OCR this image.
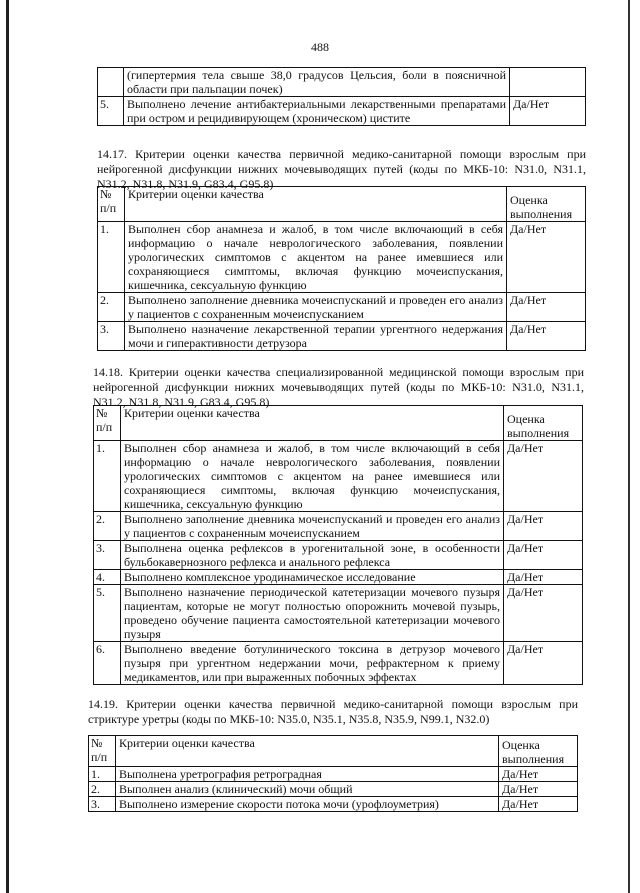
488
	(гипертермия тела свыше 38,0 градусов Цельсия, боли в поясничной области при пальпации почек)	
5.	Выполнено лечение антибактериальными лекарственными препаратами при остром и рецидивирующем (хроническом) цистите	Да/Нет
14.17. Критерии оценки качества первичной медико-санитарной помощи взрослым при нейрогенной дисфункции нижних мочевыводящих путей (коды по МКБ-10: N31.0, N31.1, N31.2, N31.8, N31.9, G83.4, G95.8)
№ п/п	Критерии оценки качества	Оценка выполнения
1.	Выполнен сбор анамнеза и жалоб, в том числе включающий в себя информацию о начале неврологического заболевания, появлении урологических симптомов с акцентом на ранее имевшиеся или сохраняющиеся симптомы, включая функцию мочеиспускания, кишечника, сексуальную функцию	Да/Нет
2.	Выполнено заполнение дневника мочеиспусканий и проведен его анализ у пациентов с сохраненным мочеиспусканием	Да/Нет
3.	Выполнено назначение лекарственной терапии ургентного недержания мочи и гиперактивности детрузора	Да/Нет
14.18. Критерии оценки качества специализированной медицинской помощи взрослым при нейрогенной дисфункции нижних мочевыводящих путей (коды по МКБ-10: N31.0, N31.1, N31.2, N31.8, N31.9, G83.4, G95.8)
№ п/п	Критерии оценки качества	Оценка выполнения
1.	Выполнен сбор анамнеза и жалоб, в том числе включающий в себя информацию о начале неврологического заболевания, появлении урологических симптомов с акцентом на ранее имевшиеся или сохраняющиеся симптомы, включая функцию мочеиспускания, кишечника, сексуальную функцию	Да/Нет
2.	Выполнено заполнение дневника мочеиспусканий и проведен его анализ у пациентов с сохраненным мочеиспусканием	Да/Нет
3.	Выполнена оценка рефлексов в урогенитальной зоне, в особенности бульбокавернозного рефлекса и анального рефлекса	Да/Нет
4.	Выполнено комплексное уродинамическое исследование	Да/Нет
5.	Выполнено назначение периодической катетеризации мочевого пузыря пациентам, которые не могут полностью опорожнить мочевой пузырь, проведено обучение пациента самостоятельной катетеризации мочевого пузыря	Да/Нет
6.	Выполнено введение ботулинического токсина в детрузор мочевого пузыря при ургентном недержании мочи, рефрактерном к приему медикаментов, или при выраженных побочных эффектах	Да/Нет
14.19. Критерии оценки качества первичной медико-санитарной помощи взрослым при стриктуре уретры (коды по МКБ-10: N35.0, N35.1, N35.8, N35.9, N99.1, N32.0)
№ п/п	Критерии оценки качества	Оценка выполнения
1.	Выполнена уретрография ретроградная	Да/Нет
2.	Выполнен анализ (клинический) мочи общий	Да/Нет
3.	Выполнено измерение скорости потока мочи (урофлоуметрия)	Да/Нет
